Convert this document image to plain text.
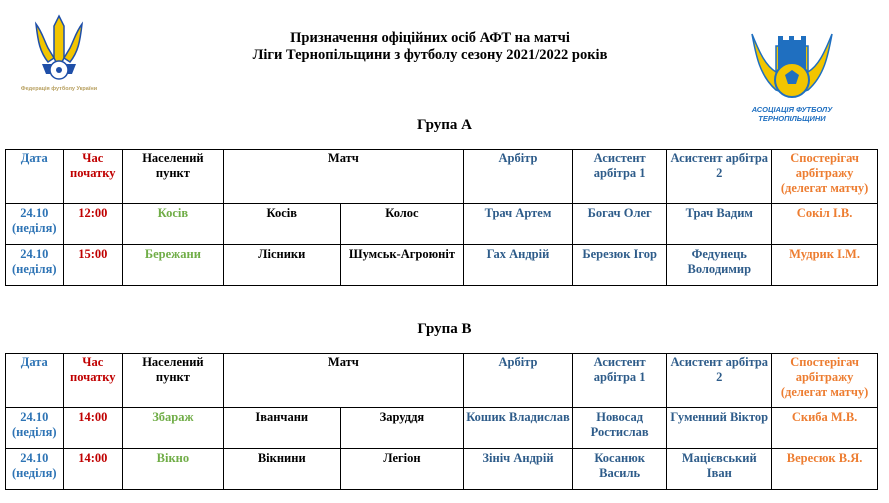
Федерація футболу України
Призначення офіційних осіб АФТ на матчі
Ліги Тернопільщини з футболу сезону 2021/2022 років
АСОЦІАЦІЯ ФУТБОЛУ
ТЕРНОПІЛЬЩИНИ
Група А
Дата	Час початку	Населений пункт	Матч		Арбітр	Асистент арбітра 1	Асистент арбітра 2	Спостерігач арбітражу (делегат матчу)
24.10 (неділя)	12:00	Косів	Косів	Колос	Трач Артем	Богач Олег	Трач Вадим	Сокіл І.В.
24.10 (неділя)	15:00	Бережани	Лісники	Шумськ-Агроюніт	Гах Андрій	Березюк Ігор	Федунець Володимир	Мудрик І.М.
Група В
Дата	Час початку	Населений пункт	Матч		Арбітр	Асистент арбітра 1	Асистент арбітра 2	Спостерігач арбітражу (делегат матчу)
24.10 (неділя)	14:00	Збараж	Іванчани	Заруддя	Кошик Владислав	Новосад Ростислав	Гуменний Віктор	Скиба М.В.
24.10 (неділя)	14:00	Вікно	Вікнини	Легіон	Зініч Андрій	Косанюк Василь	Мацієвський Іван	Вересюк В.Я.
